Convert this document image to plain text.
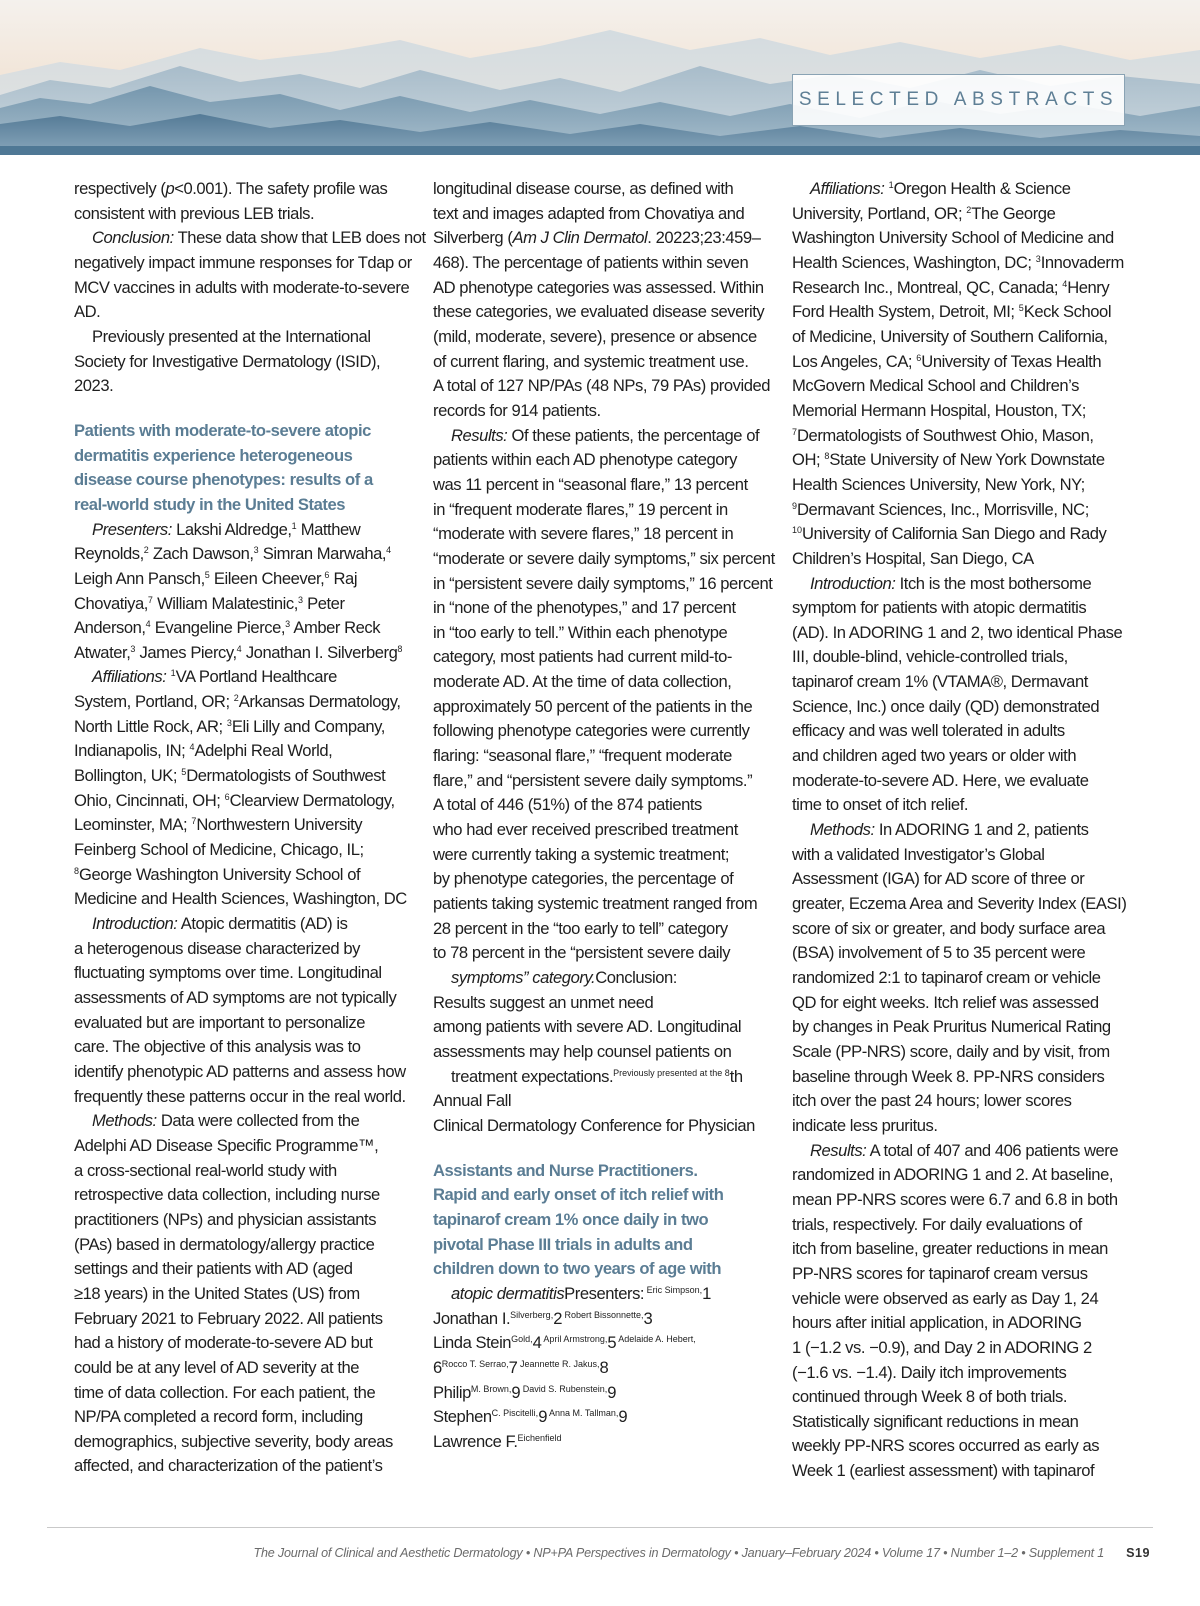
SELECTED ABSTRACTS
respectively (p<0.001). The safety profile was
consistent with previous LEB trials.
Conclusion: These data show that LEB does not
negatively impact immune responses for Tdap or
MCV vaccines in adults with moderate-to-severe
AD.
Previously presented at the International
Society for Investigative Dermatology (ISID),
2023.
Patients with moderate-to-severe atopic
dermatitis experience heterogeneous
disease course phenotypes: results of a
real-world study in the United States
Presenters: Lakshi Aldredge,$^1$ Matthew
Reynolds,$^2$ Zach Dawson,$^3$ Simran Marwaha,$^4$
Leigh Ann Pansch,$^5$ Eileen Cheever,$^6$ Raj
Chovatiya,$^7$ William Malatestinic,$^3$ Peter
Anderson,$^4$ Evangeline Pierce,$^3$ Amber Reck
Atwater,$^3$ James Piercy,$^4$ Jonathan I. Silverberg$^8$
Affiliations: $^1$VA Portland Healthcare
System, Portland, OR; $^2$Arkansas Dermatology,
North Little Rock, AR; $^3$Eli Lilly and Company,
Indianapolis, IN; $^4$Adelphi Real World,
Bollington, UK; $^5$Dermatologists of Southwest
Ohio, Cincinnati, OH; $^6$Clearview Dermatology,
Leominster, MA; $^7$Northwestern University
Feinberg School of Medicine, Chicago, IL;
$^8$George Washington University School of
Medicine and Health Sciences, Washington, DC
Introduction: Atopic dermatitis (AD) is
a heterogenous disease characterized by
fluctuating symptoms over time. Longitudinal
assessments of AD symptoms are not typically
evaluated but are important to personalize
care. The objective of this analysis was to
identify phenotypic AD patterns and assess how
frequently these patterns occur in the real world.
Methods: Data were collected from the
Adelphi AD Disease Specific Programme™,
a cross-sectional real-world study with
retrospective data collection, including nurse
practitioners (NPs) and physician assistants
(PAs) based in dermatology/allergy practice
settings and their patients with AD (aged
≥18 years) in the United States (US) from
February 2021 to February 2022. All patients
had a history of moderate-to-severe AD but
could be at any level of AD severity at the
time of data collection. For each patient, the
NP/PA completed a record form, including
demographics, subjective severity, body areas
affected, and characterization of the patient’s
longitudinal disease course, as defined with
text and images adapted from Chovatiya and
Silverberg (Am J Clin Dermatol. 20223;23:459–
468). The percentage of patients within seven
AD phenotype categories was assessed. Within
these categories, we evaluated disease severity
(mild, moderate, severe), presence or absence
of current flaring, and systemic treatment use.
A total of 127 NP/PAs (48 NPs, 79 PAs) provided
records for 914 patients.
Results: Of these patients, the percentage of
patients within each AD phenotype category
was 11 percent in “seasonal flare,” 13 percent
in “frequent moderate flares,” 19 percent in
“moderate with severe flares,” 18 percent in
“moderate or severe daily symptoms,” six percent
in “persistent severe daily symptoms,” 16 percent
in “none of the phenotypes,” and 17 percent
in “too early to tell.” Within each phenotype
category, most patients had current mild-to-
moderate AD. At the time of data collection,
approximately 50 percent of the patients in the
following phenotype categories were currently
flaring: “seasonal flare,” “frequent moderate
flare,” and “persistent severe daily symptoms.”
A total of 446 (51%) of the 874 patients
who had ever received prescribed treatment
were currently taking a systemic treatment;
by phenotype categories, the percentage of
patients taking systemic treatment ranged from
28 percent in the “too early to tell” category
to 78 percent in the “persistent severe daily
symptoms” category.Conclusion:
Results suggest an unmet need
among patients with severe AD. Longitudinal
assessments may help counsel patients on
treatment expectations.$^{Previously presented at the 8}$th
Annual Fall
Clinical Dermatology Conference for Physician
Assistants and Nurse Practitioners.
Rapid and early onset of itch relief with
tapinarof cream 1% once daily in two
pivotal Phase III trials in adults and
children down to two years of age with
atopic dermatitisPresenters: $^{Eric Simpson,}$1
Jonathan I.$^{Silverberg,}$2 $^{Robert Bissonnette,}$3
Linda Stein$^{Gold,}$4 $^{April Armstrong,}$5 $^{Adelaide A. Hebert,}$
$6^{Rocco T. Serrao,}7$ $^{Jeannette R. Jakus,}$8
Philip$^{M. Brown,}$9 $^{David S. Rubenstein,}$9
Stephen$^{C. Piscitelli,}$9 $^{Anna M. Tallman,}$9
Lawrence F.$^{Eichenfield}$
Affiliations: $^1$Oregon Health & Science
University, Portland, OR; $^2$The George
Washington University School of Medicine and
Health Sciences, Washington, DC; $^3$Innovaderm
Research Inc., Montreal, QC, Canada; $^4$Henry
Ford Health System, Detroit, MI; $^5$Keck School
of Medicine, University of Southern California,
Los Angeles, CA; $^6$University of Texas Health
McGovern Medical School and Children’s
Memorial Hermann Hospital, Houston, TX;
$^7$Dermatologists of Southwest Ohio, Mason,
OH; $^8$State University of New York Downstate
Health Sciences University, New York, NY;
$^9$Dermavant Sciences, Inc., Morrisville, NC;
$^{10}$University of California San Diego and Rady
Children’s Hospital, San Diego, CA
Introduction: Itch is the most bothersome
symptom for patients with atopic dermatitis
(AD). In ADORING 1 and 2, two identical Phase
III, double-blind, vehicle-controlled trials,
tapinarof cream 1% (VTAMA®, Dermavant
Science, Inc.) once daily (QD) demonstrated
efficacy and was well tolerated in adults
and children aged two years or older with
moderate-to-severe AD. Here, we evaluate
time to onset of itch relief.
Methods: In ADORING 1 and 2, patients
with a validated Investigator’s Global
Assessment (IGA) for AD score of three or
greater, Eczema Area and Severity Index (EASI)
score of six or greater, and body surface area
(BSA) involvement of 5 to 35 percent were
randomized 2:1 to tapinarof cream or vehicle
QD for eight weeks. Itch relief was assessed
by changes in Peak Pruritus Numerical Rating
Scale (PP-NRS) score, daily and by visit, from
baseline through Week 8. PP-NRS considers
itch over the past 24 hours; lower scores
indicate less pruritus.
Results: A total of 407 and 406 patients were
randomized in ADORING 1 and 2. At baseline,
mean PP-NRS scores were 6.7 and 6.8 in both
trials, respectively. For daily evaluations of
itch from baseline, greater reductions in mean
PP-NRS scores for tapinarof cream versus
vehicle were observed as early as Day 1, 24
hours after initial application, in ADORING
1 (−1.2 vs. −0.9), and Day 2 in ADORING 2
(−1.6 vs. −1.4). Daily itch improvements
continued through Week 8 of both trials.
Statistically significant reductions in mean
weekly PP-NRS scores occurred as early as
Week 1 (earliest assessment) with tapinarof
The Journal of Clinical and Aesthetic Dermatology • NP+PA Perspectives in Dermatology • January–February 2024 • Volume 17 • Number 1–2 • Supplement 1 S19
